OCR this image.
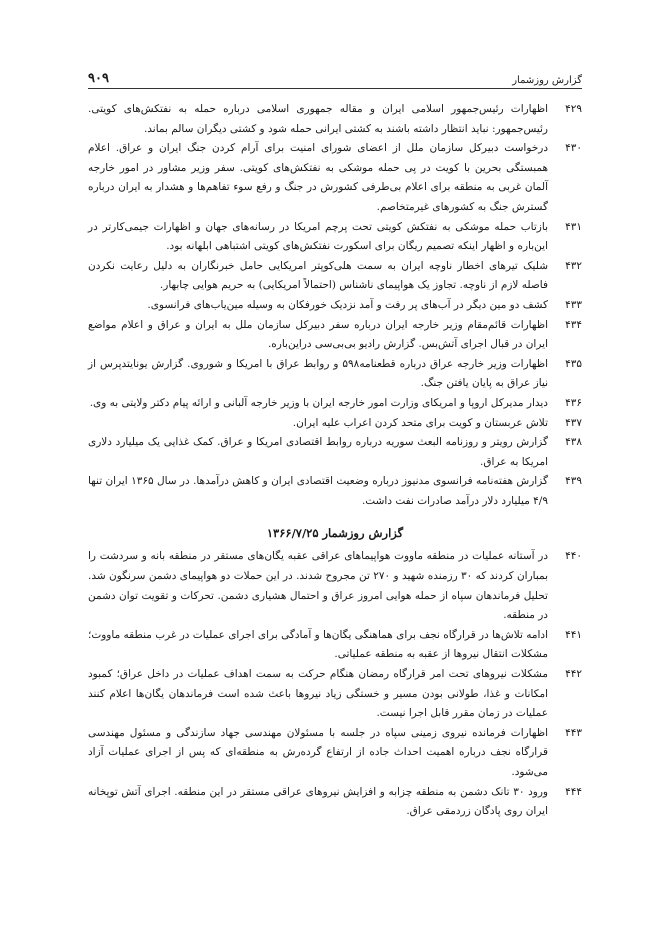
۹۰۹	گزارش روزشمار
۴۲۹
اظهارات رئیس‌جمهور اسلامی ایران و مقاله جمهوری اسلامی درباره حمله به نفتکش‌های کویتی. رئیس‌جمهور: نباید انتظار داشته باشند به کشتی ایرانی حمله شود و کشتی دیگران سالم بماند.
۴۳۰
درخواست دبیرکل سازمان ملل از اعضای شورای امنیت برای آرام کردن جنگ ایران و عراق. اعلام همبستگی بحرین با کویت در پی حمله موشکی به نفتکش‌های کویتی. سفر وزیر مشاور در امور خارجه آلمان غربی به منطقه برای اعلام بی‌طرفی کشورش در جنگ و رفع سوء تفاهم‌ها و هشدار به ایران درباره گسترش جنگ به کشورهای غیرمتخاصم.
۴۳۱
بازتاب حمله موشکی به نفتکش کویتی تحت پرچم امریکا در رسانه‌های جهان و اظهارات جیمی‌کارتر در این‌باره و اظهار اینکه تصمیم ریگان برای اسکورت نفتکش‌های کویتی اشتباهی ابلهانه بود.
۴۳۲
شلیک تیرهای اخطار ناوچه ایران به سمت هلی‌کوپتر امریکایی حامل خبرنگاران به دلیل رعایت نکردن فاصله لازم از ناوچه. تجاوز یک هواپیمای ناشناس (احتمالاً امریکایی) به حریم هوایی چابهار.
۴۳۳
کشف دو مین دیگر در آب‌های پر رفت و آمد نزدیک خورفکان به وسیله مین‌یاب‌های فرانسوی.
۴۳۴
اظهارات قائم‌مقام وزیر خارجه ایران درباره سفر دبیرکل سازمان ملل به ایران و عراق و اعلام مواضع ایران در قبال اجرای آتش‌بس. گزارش رادیو بی‌بی‌سی دراین‌باره.
۴۳۵
اظهارات وزیر خارجه عراق درباره قطعنامه۵۹۸ و روابط عراق با امریکا و شوروی. گزارش یونایتدپرس از نیاز عراق به پایان یافتن جنگ.
۴۳۶
دیدار مدیرکل اروپا و امریکای وزارت امور خارجه ایران با وزیر خارجه آلبانی و ارائه پیام دکتر ولایتی به وی.
۴۳۷
تلاش عربستان و کویت برای متحد کردن اعراب علیه ایران.
۴۳۸
گزارش رویتر و روزنامه البعث سوریه درباره روابط اقتصادی امریکا و عراق. کمک غذایی یک میلیارد دلاری امریکا به عراق.
۴۳۹
گزارش هفته‌نامه فرانسوی مدنیوز درباره وضعیت اقتصادی ایران و کاهش درآمدها. در سال ۱۳۶۵ ایران تنها ۴/۹ میلیارد دلار درآمد صادرات نفت داشت.
گزارش روزشمار ۱۳۶۶/۷/۲۵
۴۴۰
در آستانه عملیات در منطقه ماووت هواپیماهای عراقی عقبه یگان‌های مستقر در منطقه بانه و سردشت را بمباران کردند که ۳۰ رزمنده شهید و ۲۷۰ تن مجروح شدند. در این حملات دو هواپیمای دشمن سرنگون شد. تحلیل فرماندهان سپاه از حمله هوایی امروز عراق و احتمال هشیاری دشمن. تحرکات و تقویت توان دشمن در منطقه.
۴۴۱
ادامه تلاش‌ها در قرارگاه نجف برای هماهنگی یگان‌ها و آمادگی برای اجرای عملیات در غرب منطقه ماووت؛ مشکلات انتقال نیروها از عقبه به منطقه عملیاتی.
۴۴۲
مشکلات نیروهای تحت امر قرارگاه رمضان هنگام حرکت به سمت اهداف عملیات در داخل عراق؛ کمبود امکانات و غذا، طولانی بودن مسیر و خستگی زیاد نیروها باعث شده است فرماندهان یگان‌ها اعلام کنند عملیات در زمان مقرر قابل اجرا نیست.
۴۴۳
اظهارات فرمانده نیروی زمینی سپاه در جلسه با مسئولان مهندسی جهاد سازندگی و مسئول مهندسی قرارگاه نجف درباره اهمیت احداث جاده از ارتفاع گردەرش به منطقه‌ای که پس از اجرای عملیات آزاد می‌شود.
۴۴۴
ورود ۳۰ تانک دشمن به منطقه چزابه و افزایش نیروهای عراقی مستقر در این منطقه. اجرای آتش توپخانه ایران روی پادگان زردمقی عراق.
